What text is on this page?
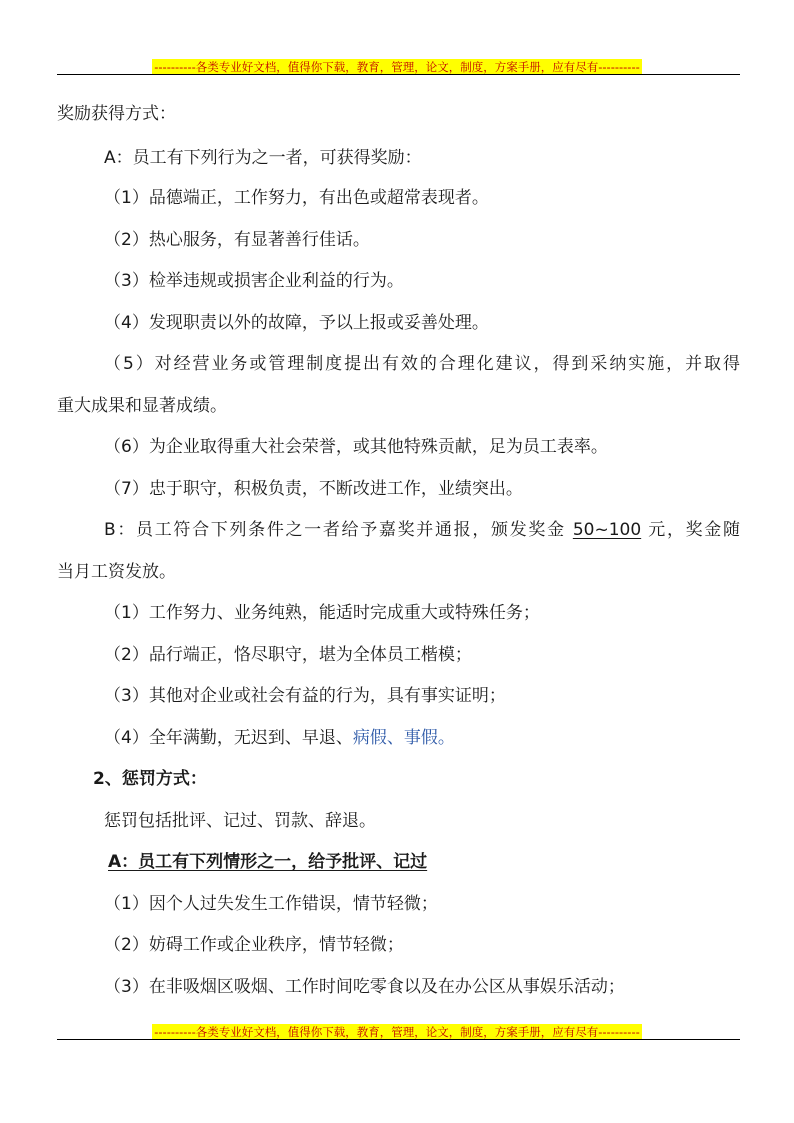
----------各类专业好文档，值得你下载，教育，管理，论文，制度，方案手册，应有尽有----------
奖励获得方式：
A：员工有下列行为之一者，可获得奖励：
（1）品德端正，工作努力，有出色或超常表现者。
（2）热心服务，有显著善行佳话。
（3）检举违规或损害企业利益的行为。
（4）发现职责以外的故障，予以上报或妥善处理。
（5）对经营业务或管理制度提出有效的合理化建议，得到采纳实施，并取得
重大成果和显著成绩。
（6）为企业取得重大社会荣誉，或其他特殊贡献，足为员工表率。
（7）忠于职守，积极负责，不断改进工作，业绩突出。
B：员工符合下列条件之一者给予嘉奖并通报，颁发奖金 50~100 元，奖金随
当月工资发放。
（1）工作努力、业务纯熟，能适时完成重大或特殊任务；
（2）品行端正，恪尽职守，堪为全体员工楷模；
（3）其他对企业或社会有益的行为，具有事实证明；
（4）全年满勤，无迟到、早退、病假、事假。
2、惩罚方式：
惩罚包括批评、记过、罚款、辞退。
A：员工有下列情形之一，给予批评、记过
（1）因个人过失发生工作错误，情节轻微；
（2）妨碍工作或企业秩序，情节轻微；
（3）在非吸烟区吸烟、工作时间吃零食以及在办公区从事娱乐活动；
----------各类专业好文档，值得你下载，教育，管理，论文，制度，方案手册，应有尽有----------
